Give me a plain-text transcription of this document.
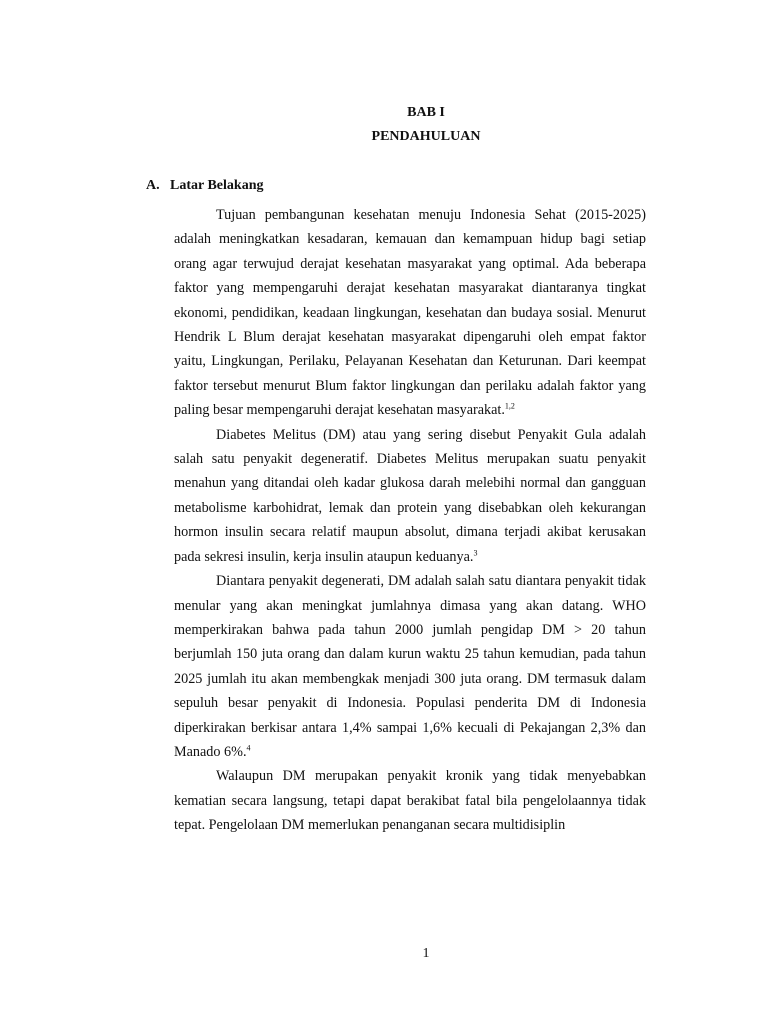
BAB I
PENDAHULUAN
A. Latar Belakang

Tujuan pembangunan kesehatan menuju Indonesia Sehat (2015-2025) adalah meningkatkan kesadaran, kemauan dan kemampuan hidup bagi setiap orang agar terwujud derajat kesehatan masyarakat yang optimal. Ada beberapa faktor yang mempengaruhi derajat kesehatan masyarakat diantaranya tingkat ekonomi, pendidikan, keadaan lingkungan, kesehatan dan budaya sosial. Menurut Hendrik L Blum derajat kesehatan masyarakat dipengaruhi oleh empat faktor yaitu, Lingkungan, Perilaku, Pelayanan Kesehatan dan Keturunan. Dari keempat faktor tersebut menurut Blum faktor lingkungan dan perilaku adalah faktor yang paling besar mempengaruhi derajat kesehatan masyarakat.$^{1,2}$

Diabetes Melitus (DM) atau yang sering disebut Penyakit Gula adalah salah satu penyakit degeneratif. Diabetes Melitus merupakan suatu penyakit menahun yang ditandai oleh kadar glukosa darah melebihi normal dan gangguan metabolisme karbohidrat, lemak dan protein yang disebabkan oleh kekurangan hormon insulin secara relatif maupun absolut, dimana terjadi akibat kerusakan pada sekresi insulin, kerja insulin ataupun keduanya.$^3$

Diantara penyakit degenerati, DM adalah salah satu diantara penyakit tidak menular yang akan meningkat jumlahnya dimasa yang akan datang. WHO memperkirakan bahwa pada tahun 2000 jumlah pengidap DM > 20 tahun berjumlah 150 juta orang dan dalam kurun waktu 25 tahun kemudian, pada tahun 2025 jumlah itu akan membengkak menjadi 300 juta orang. DM termasuk dalam sepuluh besar penyakit di Indonesia. Populasi penderita DM di Indonesia diperkirakan berkisar antara 1,4% sampai 1,6% kecuali di Pekajangan 2,3% dan Manado 6%.$^4$

Walaupun DM merupakan penyakit kronik yang tidak menyebabkan kematian secara langsung, tetapi dapat berakibat fatal bila pengelolaannya tidak tepat. Pengelolaan DM memerlukan penanganan secara multidisiplin

1
